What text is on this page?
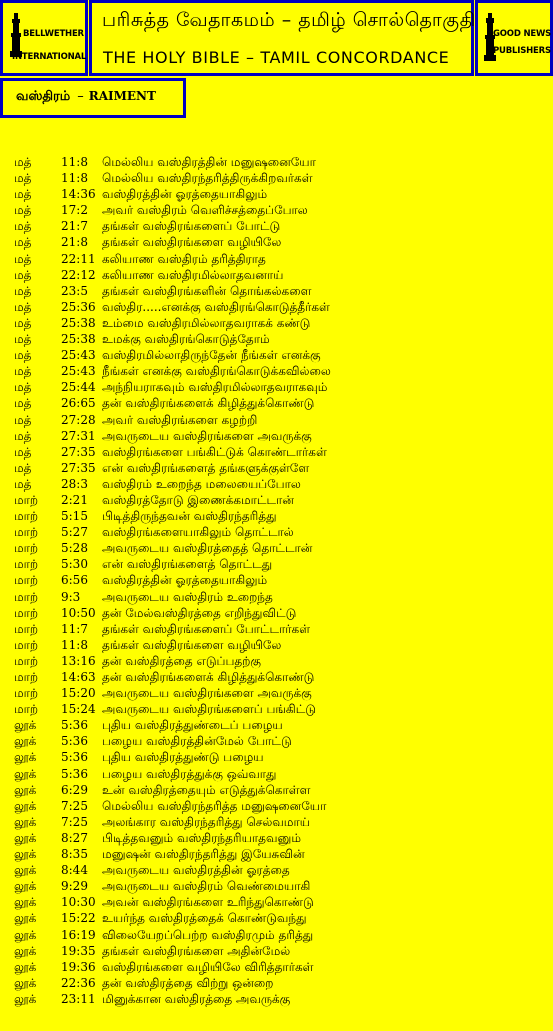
BELLWETHER
INTERNATIONAL
பரிசுத்த வேதாகமம் – தமிழ் சொல்தொகுதி
THE HOLY BIBLE – TAMIL CONCORDANCE
GOOD NEWS
PUBLISHERS
வஸ்திரம் – RAIMENT
மத் 11:8 மெல்லிய வஸ்திரத்தின் மனுஷனையோ
மத் 11:8 மெல்லிய வஸ்திரந்தரித்திருக்கிறவர்கள்
மத் 14:36 வஸ்திரத்தின் ஓரத்தையாகிலும்
மத் 17:2 அவர் வஸ்திரம் வெளிச்சத்தைப்போல
மத் 21:7 தங்கள் வஸ்திரங்களைப் போட்டு
மத் 21:8 தங்கள் வஸ்திரங்களை வழியிலே
மத் 22:11 கலியாண வஸ்திரம் தரித்திராத
மத் 22:12 கலியாண வஸ்திரமில்லாதவனாய்
மத் 23:5 தங்கள் வஸ்திரங்களின் தொங்கல்களை
மத் 25:36 வஸ்திர.....எனக்கு வஸ்திரங்கொடுத்தீர்கள்
மத் 25:38 உம்மை வஸ்திரமில்லாதவராகக் கண்டு
மத் 25:38 உமக்கு வஸ்திரங்கொடுத்தோம்
மத் 25:43 வஸ்திரமில்லாதிருந்தேன் நீங்கள் எனக்கு
மத் 25:43 நீங்கள் எனக்கு வஸ்திரங்கொடுக்கவில்லை
மத் 25:44 அந்நியராகவும் வஸ்திரமில்லாதவராகவும்
மத் 26:65 தன் வஸ்திரங்களைக் கிழித்துக்கொண்டு
மத் 27:28 அவர் வஸ்திரங்களை கழற்றி
மத் 27:31 அவருடைய வஸ்திரங்களை அவருக்கு
மத் 27:35 வஸ்திரங்களை பங்கிட்டுக் கொண்டார்கள்
மத் 27:35 என் வஸ்திரங்களைத் தங்களுக்குள்ளே
மத் 28:3 வஸ்திரம் உறைந்த மலையைப்போல
மாற் 2:21 வஸ்திரத்தோடு இணைக்கமாட்டான்
மாற் 5:15 பிடித்திருந்தவன் வஸ்திரந்தரித்து
மாற் 5:27 வஸ்திரங்களையாகிலும் தொட்டால்
மாற் 5:28 அவருடைய வஸ்திரத்தைத் தொட்டான்
மாற் 5:30 என் வஸ்திரங்களைத் தொட்டது
மாற் 6:56 வஸ்திரத்தின் ஓரத்தையாகிலும்
மாற் 9:3 அவருடைய வஸ்திரம் உறைந்த
மாற் 10:50 தன் மேல்வஸ்திரத்தை எறிந்துவிட்டு
மாற் 11:7 தங்கள் வஸ்திரங்களைப் போட்டார்கள்
மாற் 11:8 தங்கள் வஸ்திரங்களை வழியிலே
மாற் 13:16 தன் வஸ்திரத்தை எடுப்பதற்கு
மாற் 14:63 தன் வஸ்திரங்களைக் கிழித்துக்கொண்டு
மாற் 15:20 அவருடைய வஸ்திரங்களை அவருக்கு
மாற் 15:24 அவருடைய வஸ்திரங்களைப் பங்கிட்டு
லூக் 5:36 புதிய வஸ்திரத்துண்டைப் பழைய
லூக் 5:36 பழைய வஸ்திரத்தின்மேல் போட்டு
லூக் 5:36 புதிய வஸ்திரத்துண்டு பழைய
லூக் 5:36 பழைய வஸ்திரத்துக்கு ஒவ்வாது
லூக் 6:29 உன் வஸ்திரத்தையும் எடுத்துக்கொள்ள
லூக் 7:25 மெல்லிய வஸ்திரந்தரித்த மனுஷனையோ
லூக் 7:25 அலங்கார வஸ்திரந்தரித்து செல்வமாய்
லூக் 8:27 பிடித்தவனும் வஸ்திரந்தரியாதவனும்
லூக் 8:35 மனுஷன் வஸ்திரந்தரித்து இயேசுவின்
லூக் 8:44 அவருடைய வஸ்திரத்தின் ஓரத்தை
லூக் 9:29 அவருடைய வஸ்திரம் வெண்மையாகி
லூக் 10:30 அவன் வஸ்திரங்களை உரிந்துகொண்டு
லூக் 15:22 உயர்ந்த வஸ்திரத்தைக் கொண்டுவந்து
லூக் 16:19 விலையேறப்பெற்ற வஸ்திரமும் தரித்து
லூக் 19:35 தங்கள் வஸ்திரங்களை அதின்மேல்
லூக் 19:36 வஸ்திரங்களை வழியிலே விரித்தார்கள்
லூக் 22:36 தன் வஸ்திரத்தை விற்று ஒன்றை
லூக் 23:11 மினுக்கான வஸ்திரத்தை அவருக்கு
